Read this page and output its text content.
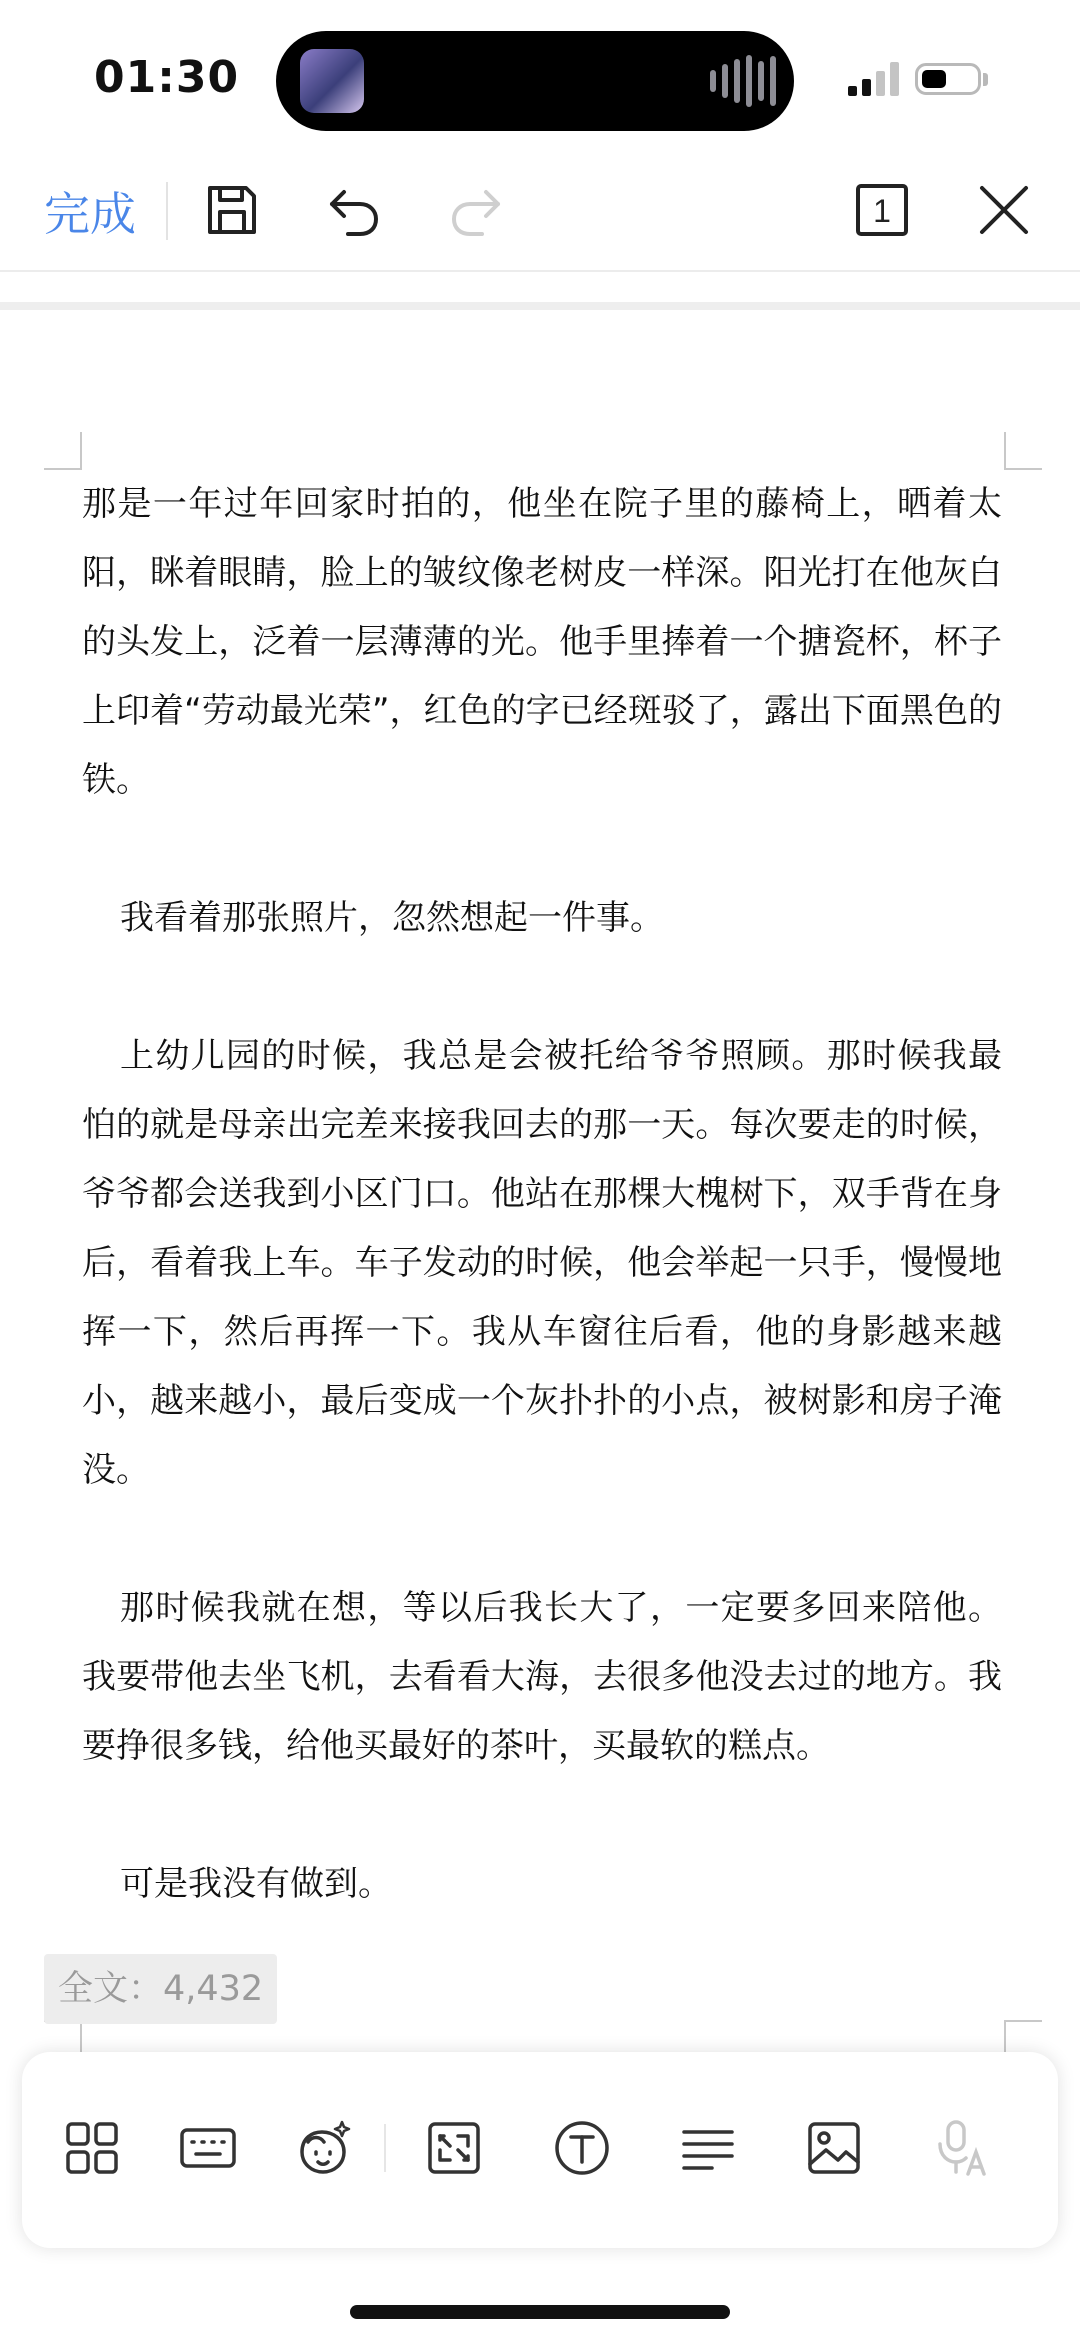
01:30
完成	1

那是一年过年回家时拍的，他坐在院子里的藤椅上，晒着太阳，眯着眼睛，脸上的皱纹像老树皮一样深。阳光打在他灰白的头发上，泛着一层薄薄的光。他手里捧着一个搪瓷杯，杯子上印着“劳动最光荣”，红色的字已经斑驳了，露出下面黑色的铁。

我看着那张照片，忽然想起一件事。

上幼儿园的时候，我总是会被托给爷爷照顾。那时候我最怕的就是母亲出完差来接我回去的那一天。每次要走的时候，爷爷都会送我到小区门口。他站在那棵大槐树下，双手背在身后，看着我上车。车子发动的时候，他会举起一只手，慢慢地挥一下，然后再挥一下。我从车窗往后看，他的身影越来越小，越来越小，最后变成一个灰扑扑的小点，被树影和房子淹没。

那时候我就在想，等以后我长大了，一定要多回来陪他。我要带他去坐飞机，去看看大海，去很多他没去过的地方。我要挣很多钱，给他买最好的茶叶，买最软的糕点。

可是我没有做到。

全文：4,432
